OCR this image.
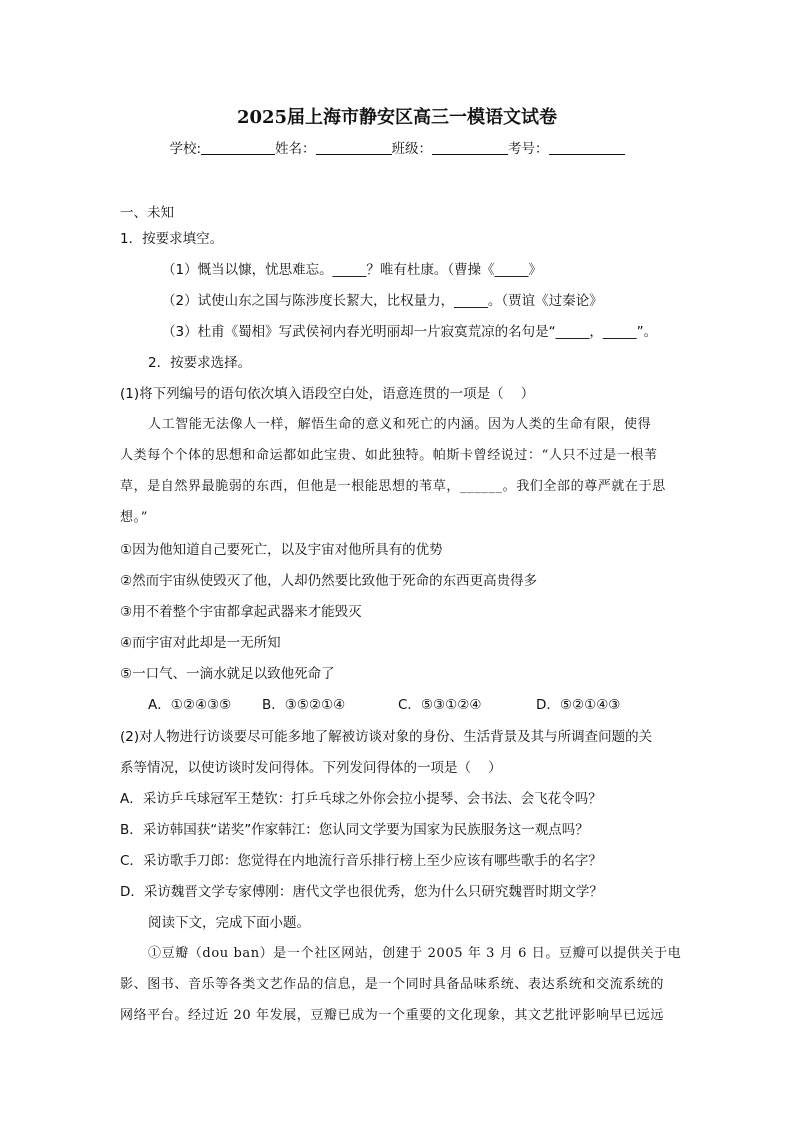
2025届上海市静安区高三一模语文试卷
学校:	姓名：	班级：	考号：
一、未知
1．按要求填空。
（1）慨当以慷，忧思难忘。_____？唯有杜康。（曹操《_____》
（2）试使山东之国与陈涉度长絜大，比权量力，_____。（贾谊《过秦论》
（3）杜甫《蜀相》写武侯祠内春光明丽却一片寂寞荒凉的名句是“_____，_____”。
2．按要求选择。
(1)将下列编号的语句依次填入语段空白处，语意连贯的一项是（    ）
人工智能无法像人一样，解悟生命的意义和死亡的内涵。因为人类的生命有限，使得
人类每个个体的思想和命运都如此宝贵、如此独特。帕斯卡曾经说过：“人只不过是一根苇
草，是自然界最脆弱的东西，但他是一根能思想的苇草，______。我们全部的尊严就在于思
想。”
①因为他知道自己要死亡，以及宇宙对他所具有的优势
②然而宇宙纵使毁灭了他，人却仍然要比致他于死命的东西更高贵得多
③用不着整个宇宙都拿起武器来才能毁灭
④而宇宙对此却是一无所知
⑤一口气、一滴水就足以致他死命了
A．①②④③⑤ B．③⑤②①④	C．⑤③①②④	D．⑤②①④③
(2)对人物进行访谈要尽可能多地了解被访谈对象的身份、生活背景及其与所调查问题的关
系等情况，以使访谈时发问得体。下列发问得体的一项是（    ）
A．采访乒乓球冠军王楚钦：打乒乓球之外你会拉小提琴、会书法、会飞花令吗？
B．采访韩国获“诺奖”作家韩江：您认同文学要为国家为民族服务这一观点吗？
C．采访歌手刀郎：您觉得在内地流行音乐排行榜上至少应该有哪些歌手的名字？
D．采访魏晋文学专家傅刚：唐代文学也很优秀，您为什么只研究魏晋时期文学？
阅读下文，完成下面小题。
①豆瓣（dou ban）是一个社区网站，创建于 2005 年 3 月 6 日。豆瓣可以提供关于电
影、图书、音乐等各类文艺作品的信息，是一个同时具备品味系统、表达系统和交流系统的
网络平台。经过近 20 年发展，豆瓣已成为一个重要的文化现象，其文艺批评影响早已远远
